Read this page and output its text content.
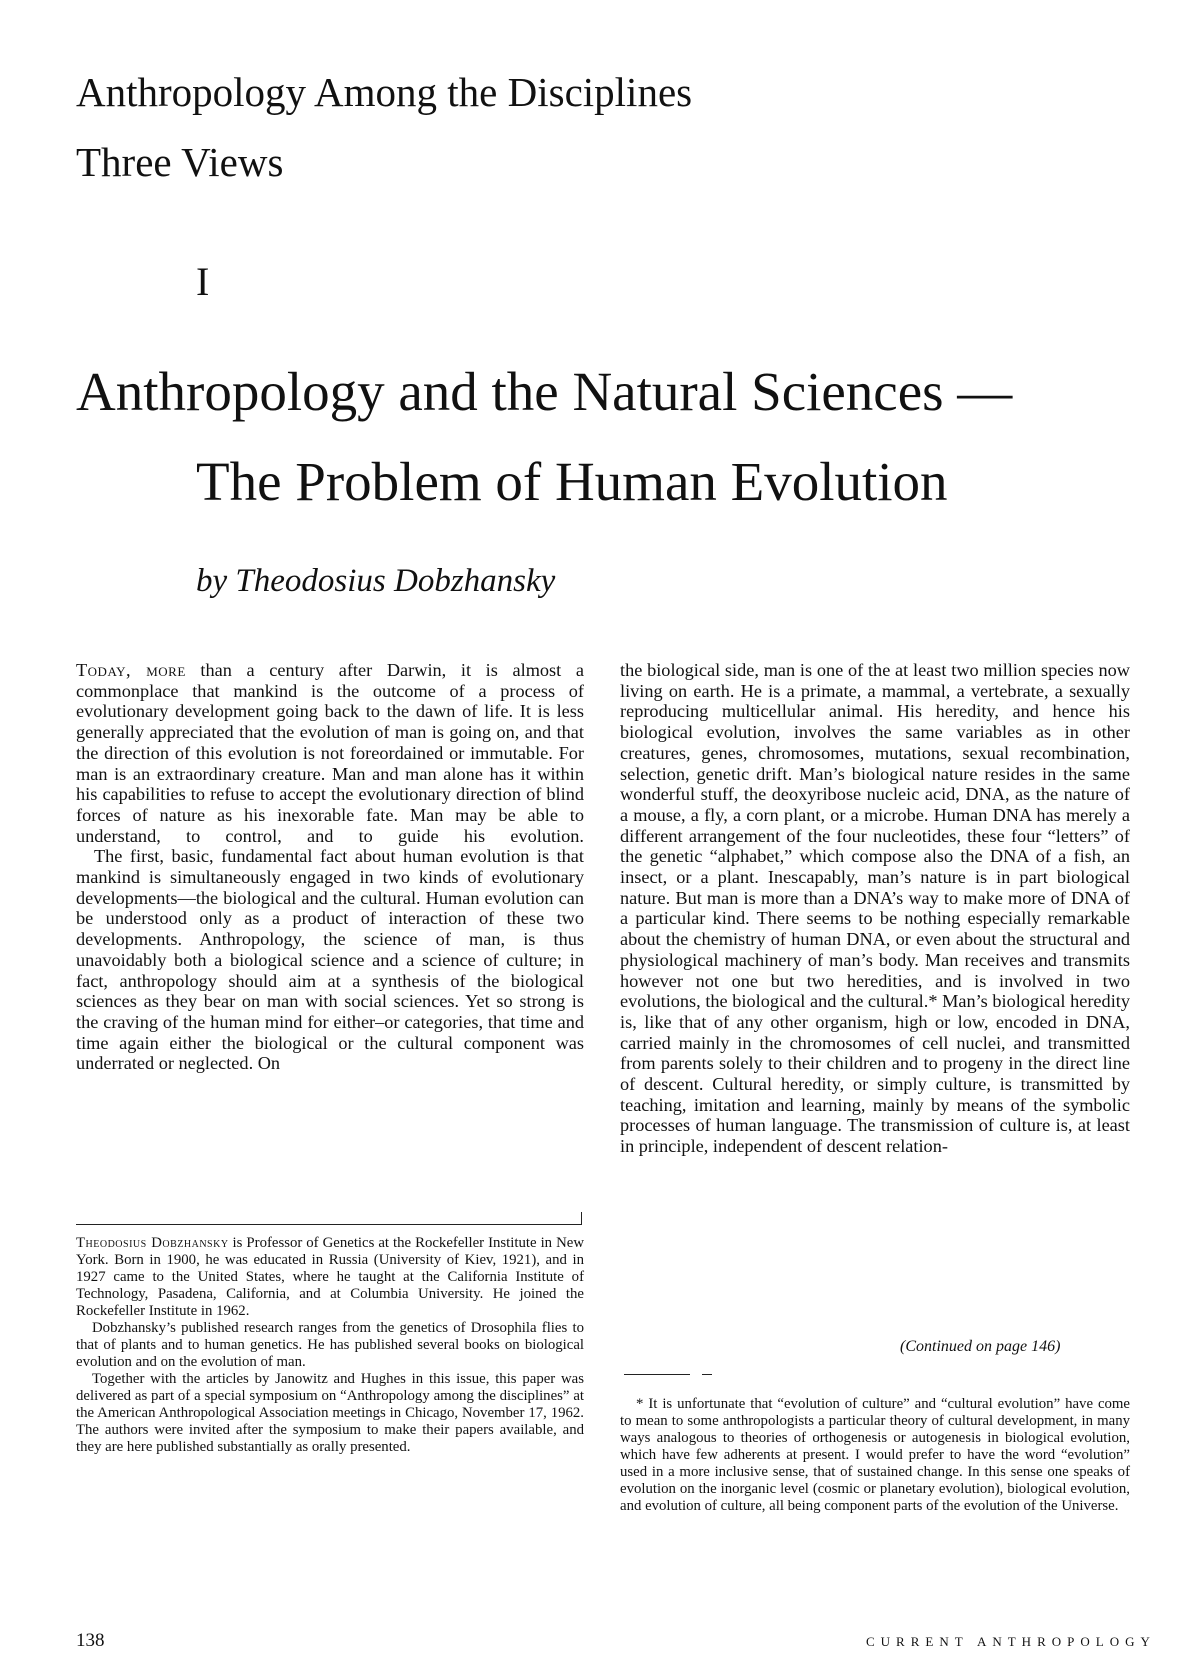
Anthropology Among the Disciplines
Three Views
I
Anthropology and the Natural Sciences —
The Problem of Human Evolution
by Theodosius Dobzhansky

Today, more than a century after Darwin, it is almost a commonplace that mankind is the outcome of a process of evolutionary development going back to the dawn of life. It is less generally appreciated that the evolution of man is going on, and that the direction of this evolution is not foreordained or immutable. For man is an extraordinary creature. Man and man alone has it within his capabilities to refuse to accept the evolutionary direction of blind forces of nature as his inexorable fate. Man may be able to understand, to control, and to guide his evolution.

The first, basic, fundamental fact about human evolution is that mankind is simultaneously engaged in two kinds of evolutionary developments—the biological and the cultural. Human evolution can be understood only as a product of interaction of these two developments. Anthropology, the science of man, is thus unavoidably both a biological science and a science of culture; in fact, anthropology should aim at a synthesis of the biological sciences as they bear on man with social sciences. Yet so strong is the craving of the human mind for either–or categories, that time and time again either the biological or the cultural component was underrated or neglected. On

the biological side, man is one of the at least two million species now living on earth. He is a primate, a mammal, a vertebrate, a sexually reproducing multicellular animal. His heredity, and hence his biological evolution, involves the same variables as in other creatures, genes, chromosomes, mutations, sexual recombination, selection, genetic drift. Man’s biological nature resides in the same wonderful stuff, the deoxyribose nucleic acid, DNA, as the nature of a mouse, a fly, a corn plant, or a microbe. Human DNA has merely a different arrangement of the four nucleotides, these four “letters” of the genetic “alphabet,” which compose also the DNA of a fish, an insect, or a plant. Inescapably, man’s nature is in part biological nature. But man is more than a DNA’s way to make more of DNA of a particular kind. There seems to be nothing especially remarkable about the chemistry of human DNA, or even about the structural and physiological machinery of man’s body. Man receives and transmits however not one but two heredities, and is involved in two evolutions, the biological and the cultural.* Man’s biological heredity is, like that of any other organism, high or low, encoded in DNA, carried mainly in the chromosomes of cell nuclei, and transmitted from parents solely to their children and to progeny in the direct line of descent. Cultural heredity, or simply culture, is transmitted by teaching, imitation and learning, mainly by means of the symbolic processes of human language. The transmission of culture is, at least in principle, independent of descent relation-

(Continued on page 146)

Theodosius Dobzhansky is Professor of Genetics at the Rockefeller Institute in New York. Born in 1900, he was educated in Russia (University of Kiev, 1921), and in 1927 came to the United States, where he taught at the California Institute of Technology, Pasadena, California, and at Columbia University. He joined the Rockefeller Institute in 1962.

Dobzhansky’s published research ranges from the genetics of Drosophila flies to that of plants and to human genetics. He has published several books on biological evolution and on the evolution of man.

Together with the articles by Janowitz and Hughes in this issue, this paper was delivered as part of a special symposium on “Anthropology among the disciplines” at the American Anthropological Association meetings in Chicago, November 17, 1962. The authors were invited after the symposium to make their papers available, and they are here published substantially as orally presented.

* It is unfortunate that “evolution of culture” and “cultural evolution” have come to mean to some anthropologists a particular theory of cultural development, in many ways analogous to theories of orthogenesis or autogenesis in biological evolution, which have few adherents at present. I would prefer to have the word “evolution” used in a more inclusive sense, that of sustained change. In this sense one speaks of evolution on the inorganic level (cosmic or planetary evolution), biological evolution, and evolution of culture, all being component parts of the evolution of the Universe.

138	CURRENT ANTHROPOLOGY
